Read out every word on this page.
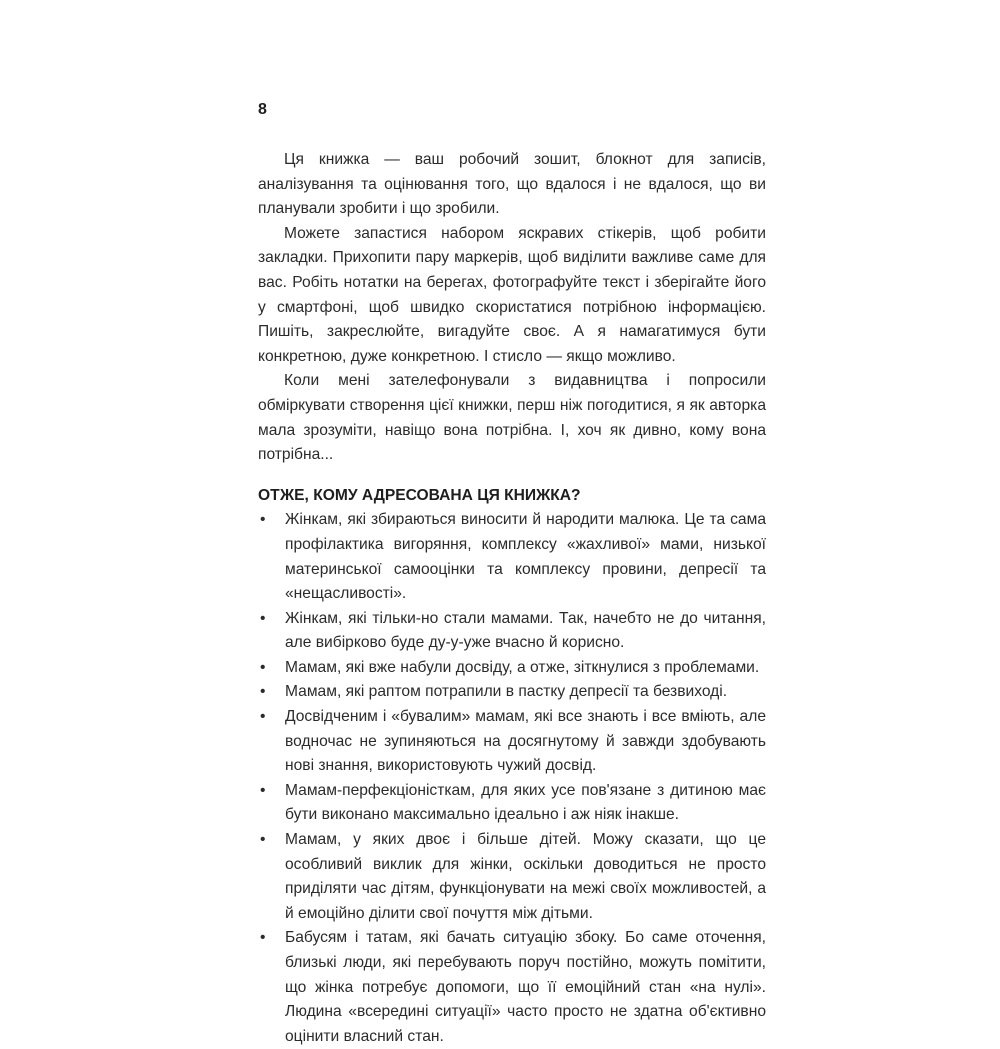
8

Ця книжка — ваш робочий зошит, блокнот для записів, аналізування та оцінювання того, що вдалося і не вдалося, що ви планували зробити і що зробили.

Можете запастися набором яскравих стікерів, щоб робити закладки. Прихопити пару маркерів, щоб виділити важливе саме для вас. Робіть нотатки на берегах, фотографуйте текст і зберігайте його у смартфоні, щоб швидко скористатися потрібною інформацією. Пишіть, закреслюйте, вигадуйте своє. А я намагатимуся бути конкретною, дуже конкретною. І стисло — якщо можливо.

Коли мені зателефонували з видавництва і попросили обміркувати створення цієї книжки, перш ніж погодитися, я як авторка мала зрозуміти, навіщо вона потрібна. І, хоч як дивно, кому вона потрібна...

ОТЖЕ, КОМУ АДРЕСОВАНА ЦЯ КНИЖКА?
• Жінкам, які збираються виносити й народити малюка. Це та сама профілактика вигоряння, комплексу «жахливої» мами, низької материнської самооцінки та комплексу провини, депресії та «нещасливості».
• Жінкам, які тільки-но стали мамами. Так, начебто не до читання, але вибірково буде ду-у-уже вчасно й корисно.
• Мамам, які вже набули досвіду, а отже, зіткнулися з проблемами.
• Мамам, які раптом потрапили в пастку депресії та безвиході.
• Досвідченим і «бувалим» мамам, які все знають і все вміють, але водночас не зупиняються на досягнутому й завжди здобувають нові знання, використовують чужий досвід.
• Мамам-перфекціоністкам, для яких усе пов'язане з дитиною має бути виконано максимально ідеально і аж ніяк інакше.
• Мамам, у яких двоє і більше дітей. Можу сказати, що це особливий виклик для жінки, оскільки доводиться не просто приділяти час дітям, функціонувати на межі своїх можливостей, а й емоційно ділити свої почуття між дітьми.
• Бабусям і татам, які бачать ситуацію збоку. Бо саме оточення, близькі люди, які перебувають поруч постійно, можуть помітити, що жінка потребує допомоги, що її емоційний стан «на нулі». Людина «всередині ситуації» часто просто не здатна об'єктивно оцінити власний стан.
